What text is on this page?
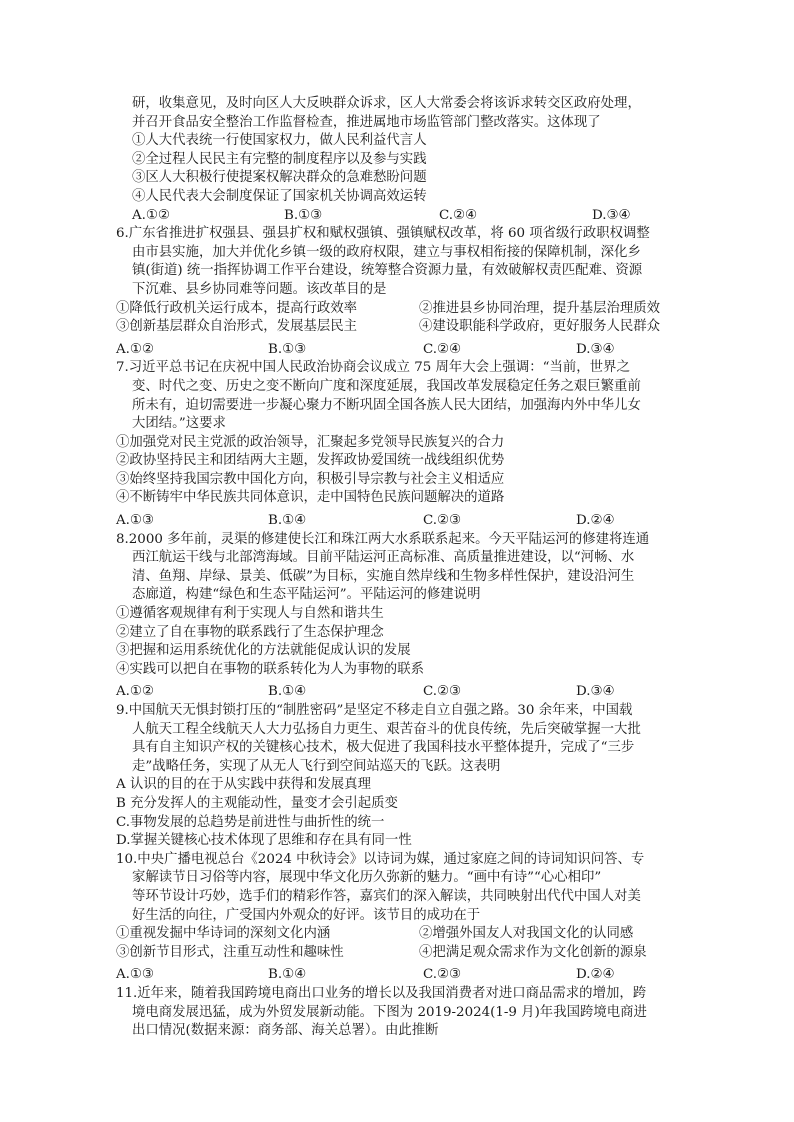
研，收集意见，及时向区人大反映群众诉求，区人大常委会将该诉求转交区政府处理，
并召开食品安全整治工作监督检查，推进属地市场监管部门整改落实。这体现了
①人大代表统一行使国家权力，做人民利益代言人
②全过程人民民主有完整的制度程序以及参与实践
③区人大积极行使提案权解决群众的急难愁盼问题
④人民代表大会制度保证了国家机关协调高效运转
A.①②	B.①③	C.②④	D.③④
6.广东省推进扩权强县、强县扩权和赋权强镇、强镇赋权改革，将 60 项省级行政职权调整
由市县实施，加大并优化乡镇一级的政府权限，建立与事权相衔接的保障机制，深化乡
镇(街道) 统一指挥协调工作平台建设，统筹整合资源力量，有效破解权责匹配难、资源
下沉难、县乡协同难等问题。该改革目的是
①降低行政机关运行成本，提高行政效率	②推进县乡协同治理，提升基层治理质效
③创新基层群众自治形式，发展基层民主	④建设职能科学政府，更好服务人民群众
A.①②	B.①③	C.②④	D.③④
7.习近平总书记在庆祝中国人民政治协商会议成立 75 周年大会上强调：“当前，世界之
变、时代之变、历史之变不断向广度和深度延展，我国改革发展稳定任务之艰巨繁重前
所未有，迫切需要进一步凝心聚力不断巩固全国各族人民大团结，加强海内外中华儿女
大团结。”这要求
①加强党对民主党派的政治领导，汇聚起多党领导民族复兴的合力
②政协坚持民主和团结两大主题，发挥政协爱国统一战线组织优势
③始终坚持我国宗教中国化方向，积极引导宗教与社会主义相适应
④不断铸牢中华民族共同体意识，走中国特色民族问题解决的道路
A.①③	B.①④	C.②③	D.②④
8.2000 多年前，灵渠的修建使长江和珠江两大水系联系起来。今天平陆运河的修建将连通
西江航运干线与北部湾海域。目前平陆运河正高标准、高质量推进建设，以“河畅、水
清、鱼翔、岸绿、景美、低碳”为目标，实施自然岸线和生物多样性保护，建设沿河生
态廊道，构建“绿色和生态平陆运河”。平陆运河的修建说明
①遵循客观规律有利于实现人与自然和谐共生
②建立了自在事物的联系践行了生态保护理念
③把握和运用系统优化的方法就能促成认识的发展
④实践可以把自在事物的联系转化为人为事物的联系
A.①②	B.①④	C.②③	D.③④
9.中国航天无惧封锁打压的“制胜密码”是坚定不移走自立自强之路。30 余年来，中国载
人航天工程全线航天人大力弘扬自力更生、艰苦奋斗的优良传统，先后突破掌握一大批
具有自主知识产权的关键核心技术，极大促进了我国科技水平整体提升，完成了“三步
走”战略任务，实现了从无人飞行到空间站巡天的飞跃。这表明
A 认识的目的在于从实践中获得和发展真理
B 充分发挥人的主观能动性，量变才会引起质变
C.事物发展的总趋势是前进性与曲折性的统一
D.掌握关键核心技术体现了思维和存在具有同一性
10.中央广播电视总台《2024 中秋诗会》以诗词为媒，通过家庭之间的诗词知识问答、专
家解读节日习俗等内容，展现中华文化历久弥新的魅力。“画中有诗”“心心相印”
等环节设计巧妙，选手们的精彩作答，嘉宾们的深入解读，共同映射出代代中国人对美
好生活的向往，广受国内外观众的好评。该节目的成功在于
①重视发掘中华诗词的深刻文化内涵	②增强外国友人对我国文化的认同感
③创新节目形式，注重互动性和趣味性	④把满足观众需求作为文化创新的源泉
A.①③	B.①④	C.②③	D.②④
11.近年来，随着我国跨境电商出口业务的增长以及我国消费者对进口商品需求的增加，跨
境电商发展迅猛，成为外贸发展新动能。下图为 2019-2024(1-9 月)年我国跨境电商进
出口情况(数据来源：商务部、海关总署）。由此推断
